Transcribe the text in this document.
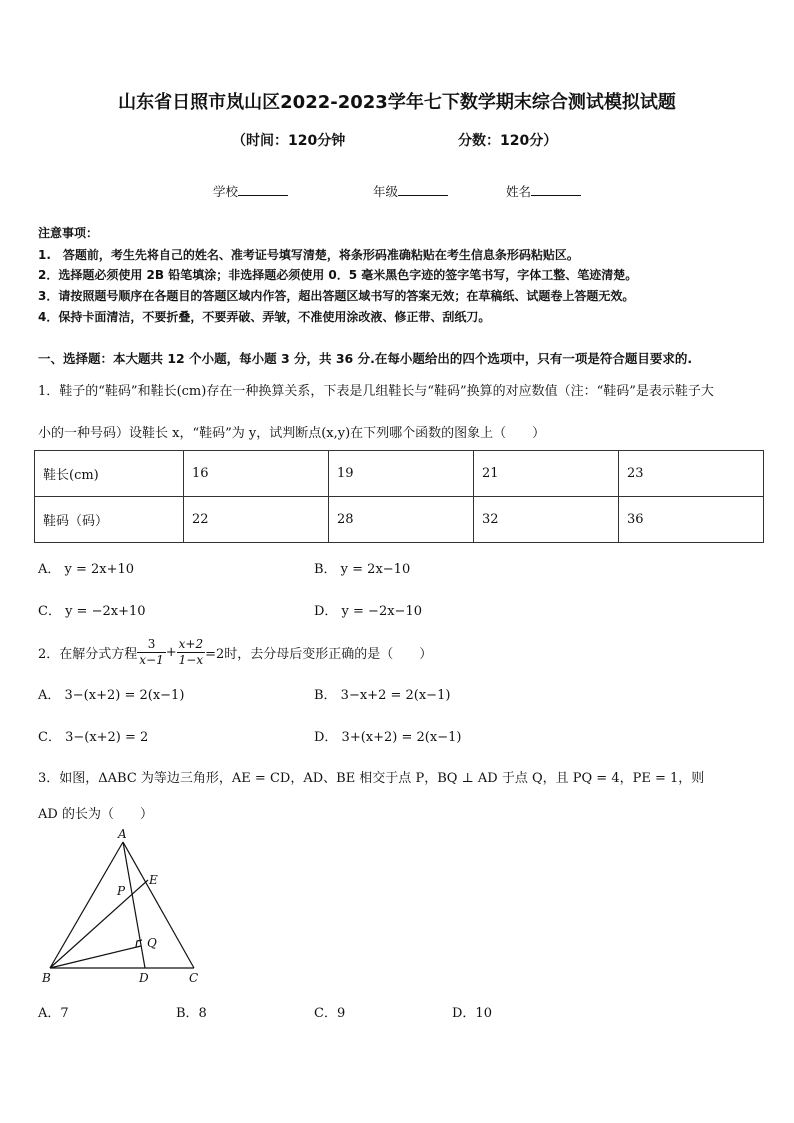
山东省日照市岚山区2022-2023学年七下数学期末综合测试模拟试题
（时间：120分钟	分数：120分）
学校	年级	姓名
注意事项：
1.　答题前，考生先将自己的姓名、准考证号填写清楚，将条形码准确粘贴在考生信息条形码粘贴区。
2．选择题必须使用 2B 铅笔填涂；非选择题必须使用 0．5 毫米黑色字迹的签字笔书写，字体工整、笔迹清楚。
3．请按照题号顺序在各题目的答题区域内作答，超出答题区域书写的答案无效；在草稿纸、试题卷上答题无效。
4．保持卡面清洁，不要折叠，不要弄破、弄皱，不准使用涂改液、修正带、刮纸刀。
一、选择题：本大题共 12 个小题，每小题 3 分，共 36 分.在每小题给出的四个选项中，只有一项是符合题目要求的.
1．鞋子的“鞋码”和鞋长(cm)存在一种换算关系，下表是几组鞋长与“鞋码”换算的对应数值（注：“鞋码”是表示鞋子大
小的一种号码）设鞋长 x，“鞋码”为 y，试判断点(x,y)在下列哪个函数的图象上（　　）
鞋长(cm)	16	19	21	23
鞋码（码）	22	28	32	36
A． y = 2x+10	B． y = 2x−10
C． y = −2x+10	D． y = −2x−10
2．在解分式方程 $\frac{3}{x-1} + \frac{x+2}{1-x} =2$时，去分母后变形正确的是（　　）
A． 3−(x+2) = 2(x−1)	B． 3−x+2 = 2(x−1)
C． 3−(x+2) = 2	D． 3+(x+2) = 2(x−1)
3．如图，ΔABC 为等边三角形，AE = CD，AD、BE 相交于点 P，BQ ⊥ AD 于点 Q，且 PQ = 4，PE = 1，则
AD 的长为（　　）
A
B	C
D
E
P
Q
A．7	B．8	C．9	D．10
